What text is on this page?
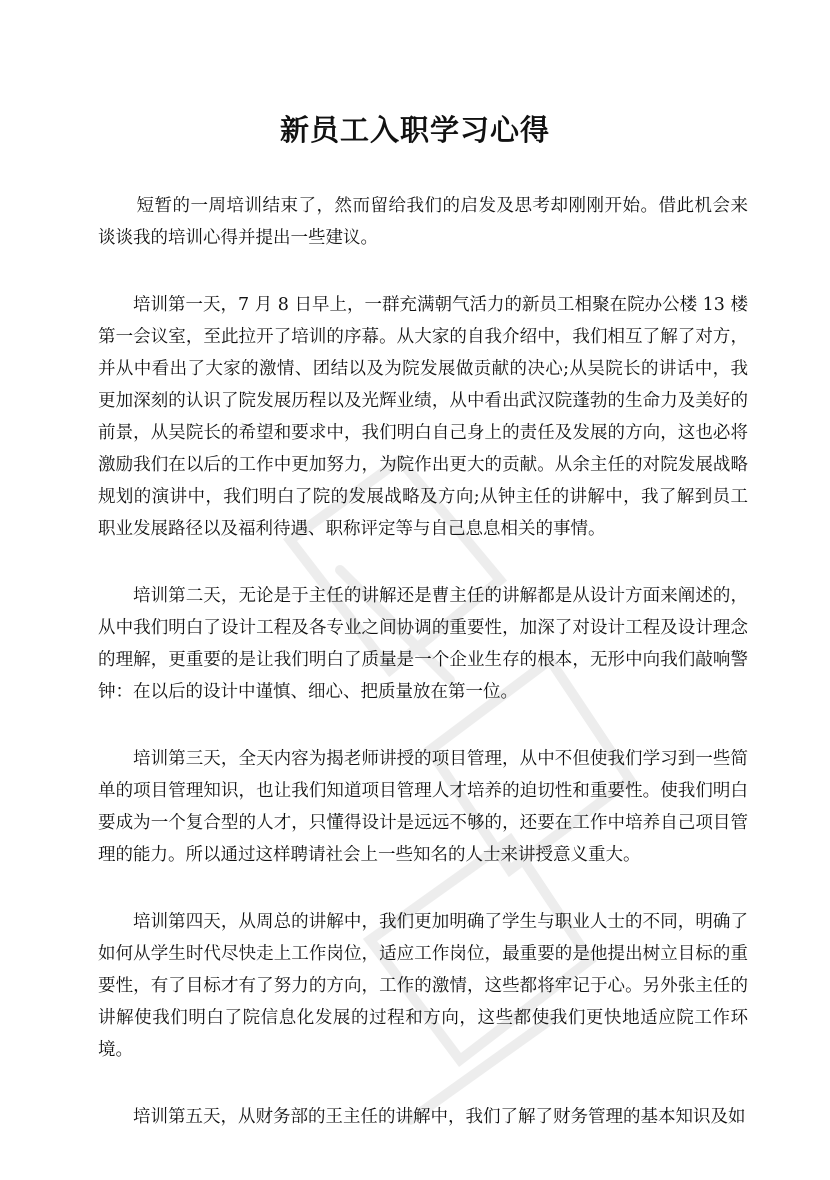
新员工入职学习心得

短暂的一周培训结束了，然而留给我们的启发及思考却刚刚开始。借此机会来谈谈我的培训心得并提出一些建议。

培训第一天，7 月 8 日早上，一群充满朝气活力的新员工相聚在院办公楼 13 楼第一会议室，至此拉开了培训的序幕。从大家的自我介绍中，我们相互了解了对方，并从中看出了大家的激情、团结以及为院发展做贡献的决心;从吴院长的讲话中，我更加深刻的认识了院发展历程以及光辉业绩，从中看出武汉院蓬勃的生命力及美好的前景，从吴院长的希望和要求中，我们明白自己身上的责任及发展的方向，这也必将激励我们在以后的工作中更加努力，为院作出更大的贡献。从余主任的对院发展战略规划的演讲中，我们明白了院的发展战略及方向;从钟主任的讲解中，我了解到员工职业发展路径以及福利待遇、职称评定等与自己息息相关的事情。

培训第二天，无论是于主任的讲解还是曹主任的讲解都是从设计方面来阐述的，从中我们明白了设计工程及各专业之间协调的重要性，加深了对设计工程及设计理念的理解，更重要的是让我们明白了质量是一个企业生存的根本，无形中向我们敲响警钟：在以后的设计中谨慎、细心、把质量放在第一位。

培训第三天，全天内容为揭老师讲授的项目管理，从中不但使我们学习到一些简单的项目管理知识，也让我们知道项目管理人才培养的迫切性和重要性。使我们明白要成为一个复合型的人才，只懂得设计是远远不够的，还要在工作中培养自己项目管理的能力。所以通过这样聘请社会上一些知名的人士来讲授意义重大。

培训第四天，从周总的讲解中，我们更加明确了学生与职业人士的不同，明确了如何从学生时代尽快走上工作岗位，适应工作岗位，最重要的是他提出树立目标的重要性，有了目标才有了努力的方向，工作的激情，这些都将牢记于心。另外张主任的讲解使我们明白了院信息化发展的过程和方向，这些都使我们更快地适应院工作环境。

培训第五天，从财务部的王主任的讲解中，我们了解了财务管理的基本知识及如
